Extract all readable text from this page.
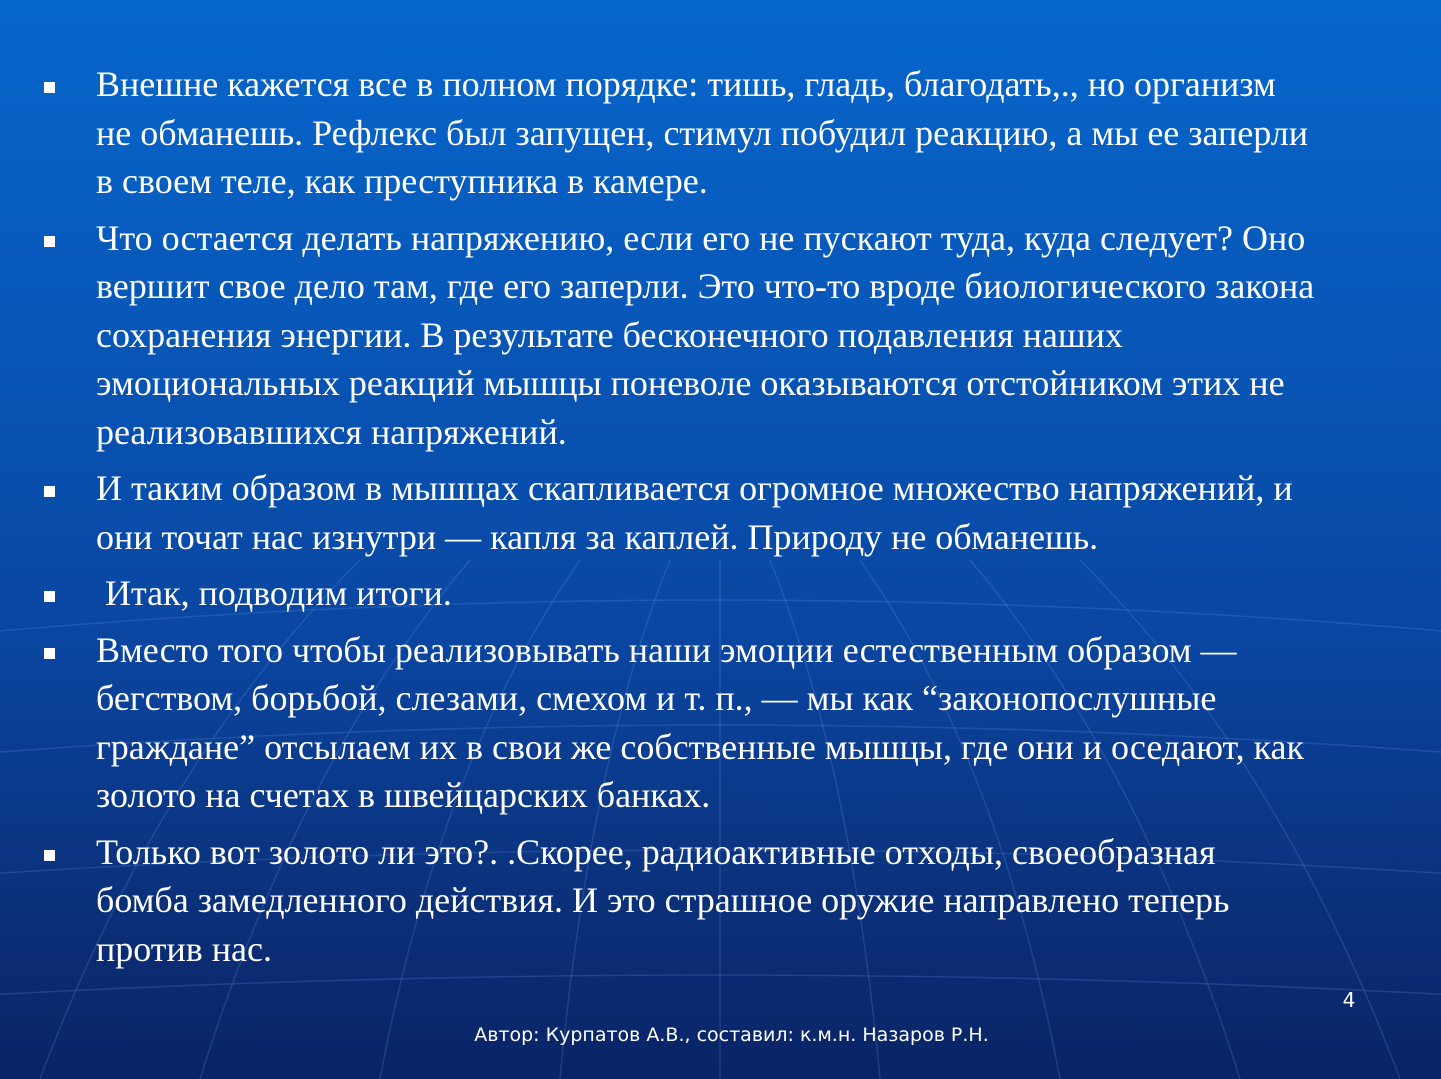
Внешне кажется все в полном порядке: тишь, гладь, благодать,., но организм
не обманешь. Рефлекс был запущен, стимул побудил реакцию, а мы ее заперли
в своем теле, как преступника в камере.
Что остается делать напряжению, если его не пускают туда, куда следует? Оно
вершит свое дело там, где его заперли. Это что-то вроде биологического закона
сохранения энергии. В результате бесконечного подавления наших
эмоциональных реакций мышцы поневоле оказываются отстойником этих не
реализовавшихся напряжений.
И таким образом в мышцах скапливается огромное множество напряжений, и
они точат нас изнутри — капля за каплей. Природу не обманешь.
Итак, подводим итоги.
Вместо того чтобы реализовывать наши эмоции естественным образом —
бегством, борьбой, слезами, смехом и т. п., — мы как “законопослушные
граждане” отсылаем их в свои же собственные мышцы, где они и оседают, как
золото на счетах в швейцарских банках.
Только вот золото ли это?. .Скорее, радиоактивные отходы, своеобразная
бомба замедленного действия. И это страшное оружие направлено теперь
против нас.
4
Автор: Курпатов А.В., составил: к.м.н. Назаров Р.Н.
